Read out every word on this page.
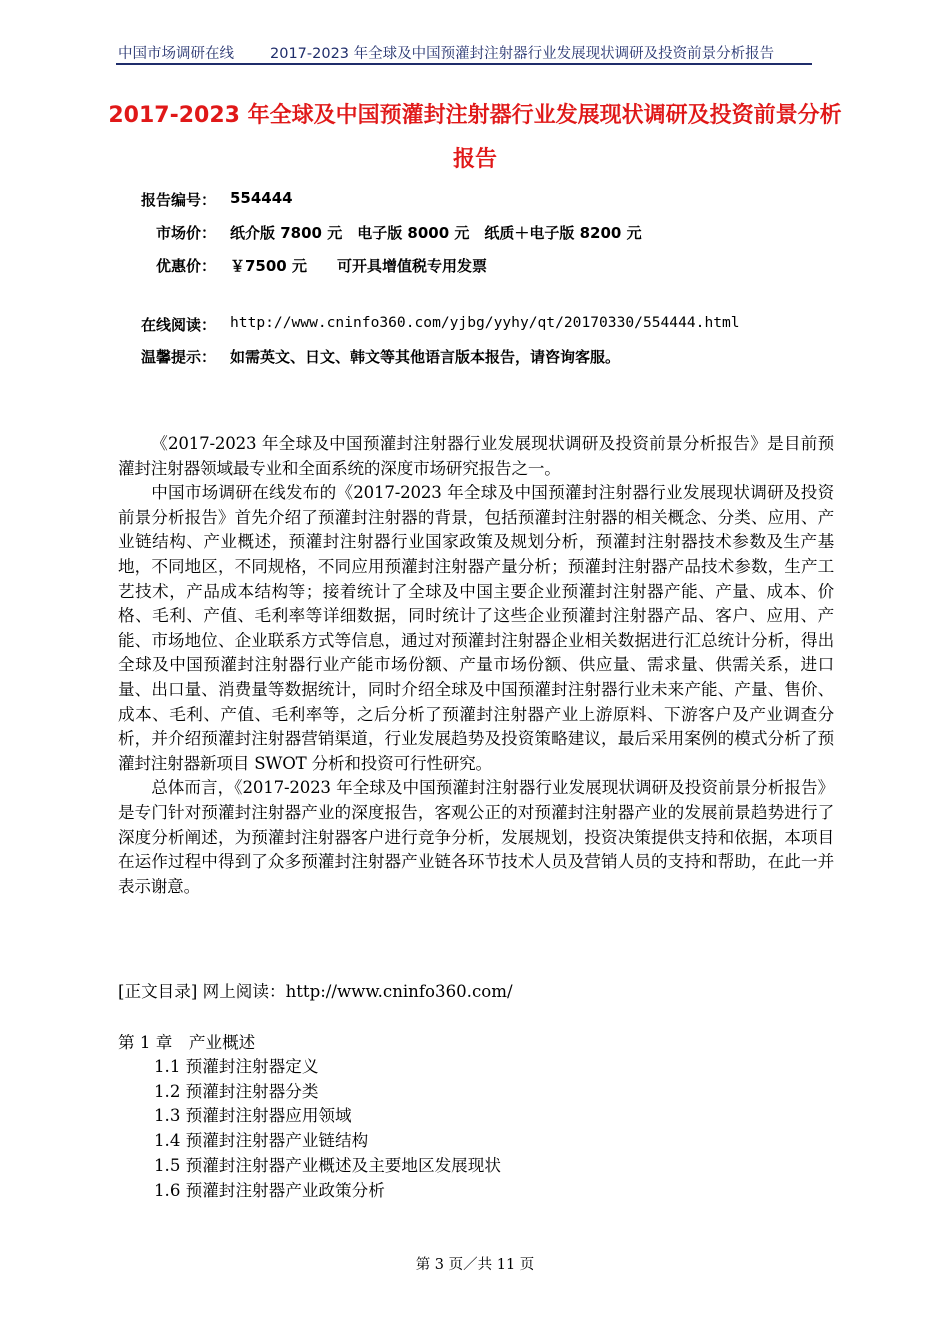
中国市场调研在线 2017-2023 年全球及中国预灌封注射器行业发展现状调研及投资前景分析报告
2017-2023 年全球及中国预灌封注射器行业发展现状调研及投资前景分析
报告
报告编号： 554444
市场价： 纸介版 7800 元　电子版 8000 元　纸质＋电子版 8200 元
优惠价： ￥7500 元　　可开具增值税专用发票
在线阅读： http://www.cninfo360.com/yjbg/yyhy/qt/20170330/554444.html
温馨提示： 如需英文、日文、韩文等其他语言版本报告，请咨询客服。

《2017-2023 年全球及中国预灌封注射器行业发展现状调研及投资前景分析报告》是目前预灌封注射器领域最专业和全面系统的深度市场研究报告之一。

中国市场调研在线发布的《2017-2023 年全球及中国预灌封注射器行业发展现状调研及投资前景分析报告》首先介绍了预灌封注射器的背景，包括预灌封注射器的相关概念、分类、应用、产业链结构、产业概述，预灌封注射器行业国家政策及规划分析，预灌封注射器技术参数及生产基地，不同地区，不同规格，不同应用预灌封注射器产量分析；预灌封注射器产品技术参数，生产工艺技术，产品成本结构等；接着统计了全球及中国主要企业预灌封注射器产能、产量、成本、价格、毛利、产值、毛利率等详细数据，同时统计了这些企业预灌封注射器产品、客户、应用、产能、市场地位、企业联系方式等信息，通过对预灌封注射器企业相关数据进行汇总统计分析，得出全球及中国预灌封注射器行业产能市场份额、产量市场份额、供应量、需求量、供需关系，进口量、出口量、消费量等数据统计，同时介绍全球及中国预灌封注射器行业未来产能、产量、售价、成本、毛利、产值、毛利率等，之后分析了预灌封注射器产业上游原料、下游客户及产业调查分析，并介绍预灌封注射器营销渠道，行业发展趋势及投资策略建议，最后采用案例的模式分析了预灌封注射器新项目 SWOT 分析和投资可行性研究。

总体而言，《2017-2023 年全球及中国预灌封注射器行业发展现状调研及投资前景分析报告》是专门针对预灌封注射器产业的深度报告，客观公正的对预灌封注射器产业的发展前景趋势进行了深度分析阐述，为预灌封注射器客户进行竞争分析，发展规划，投资决策提供支持和依据，本项目在运作过程中得到了众多预灌封注射器产业链各环节技术人员及营销人员的支持和帮助，在此一并表示谢意。

[正文目录] 网上阅读：http://www.cninfo360.com/
第 1 章　产业概述
1.1 预灌封注射器定义
1.2 预灌封注射器分类
1.3 预灌封注射器应用领域
1.4 预灌封注射器产业链结构
1.5 预灌封注射器产业概述及主要地区发展现状
1.6 预灌封注射器产业政策分析
第 3 页／共 11 页
